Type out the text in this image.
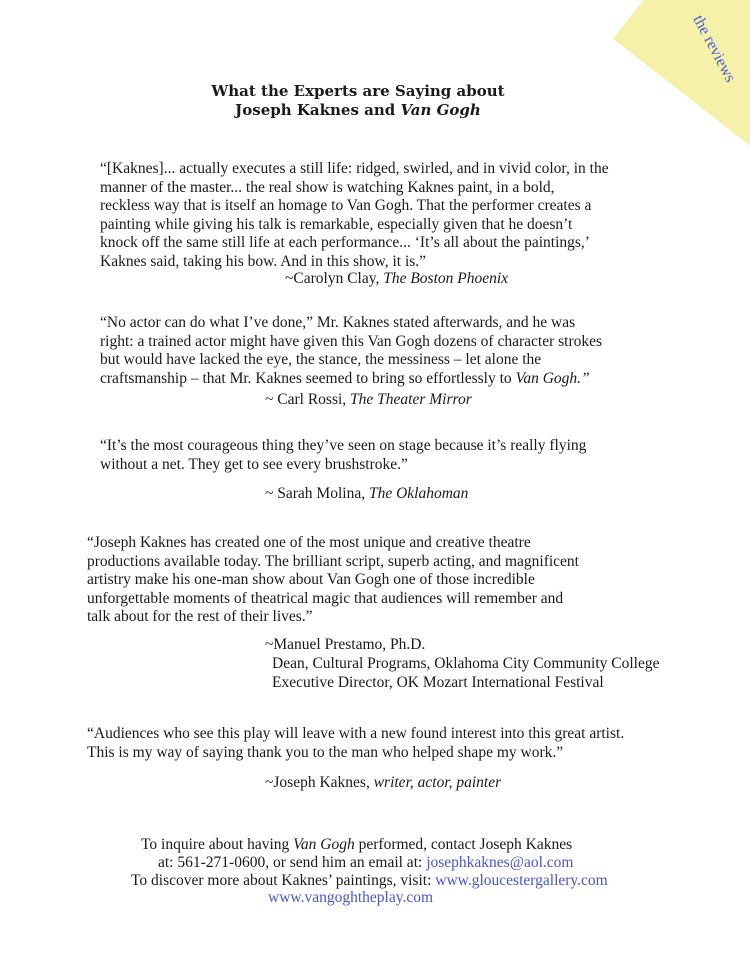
the reviews
What the Experts are Saying about
Joseph Kaknes and Van Gogh
“[Kaknes]... actually executes a still life: ridged, swirled, and in vivid color, in the
manner of the master... the real show is watching Kaknes paint, in a bold,
reckless way that is itself an homage to Van Gogh. That the performer creates a
painting while giving his talk is remarkable, especially given that he doesn’t
knock off the same still life at each performance... ‘It’s all about the paintings,’
Kaknes said, taking his bow. And in this show, it is.”
~Carolyn Clay, The Boston Phoenix
“No actor can do what I’ve done,” Mr. Kaknes stated afterwards, and he was
right: a trained actor might have given this Van Gogh dozens of character strokes
but would have lacked the eye, the stance, the messiness – let alone the
craftsmanship – that Mr. Kaknes seemed to bring so effortlessly to Van Gogh.”
~ Carl Rossi, The Theater Mirror
“It’s the most courageous thing they’ve seen on stage because it’s really flying
without a net. They get to see every brushstroke.”
~ Sarah Molina, The Oklahoman
“Joseph Kaknes has created one of the most unique and creative theatre
productions available today. The brilliant script, superb acting, and magnificent
artistry make his one-man show about Van Gogh one of those incredible
unforgettable moments of theatrical magic that audiences will remember and
talk about for the rest of their lives.”
~Manuel Prestamo, Ph.D.
Dean, Cultural Programs, Oklahoma City Community College
Executive Director, OK Mozart International Festival
“Audiences who see this play will leave with a new found interest into this great artist.
This is my way of saying thank you to the man who helped shape my work.”
~Joseph Kaknes, writer, actor, painter
To inquire about having Van Gogh performed, contact Joseph Kaknes
at: 561-271-0600, or send him an email at: josephkaknes@aol.com
To discover more about Kaknes’ paintings, visit: www.gloucestergallery.com
www.vangoghtheplay.com
